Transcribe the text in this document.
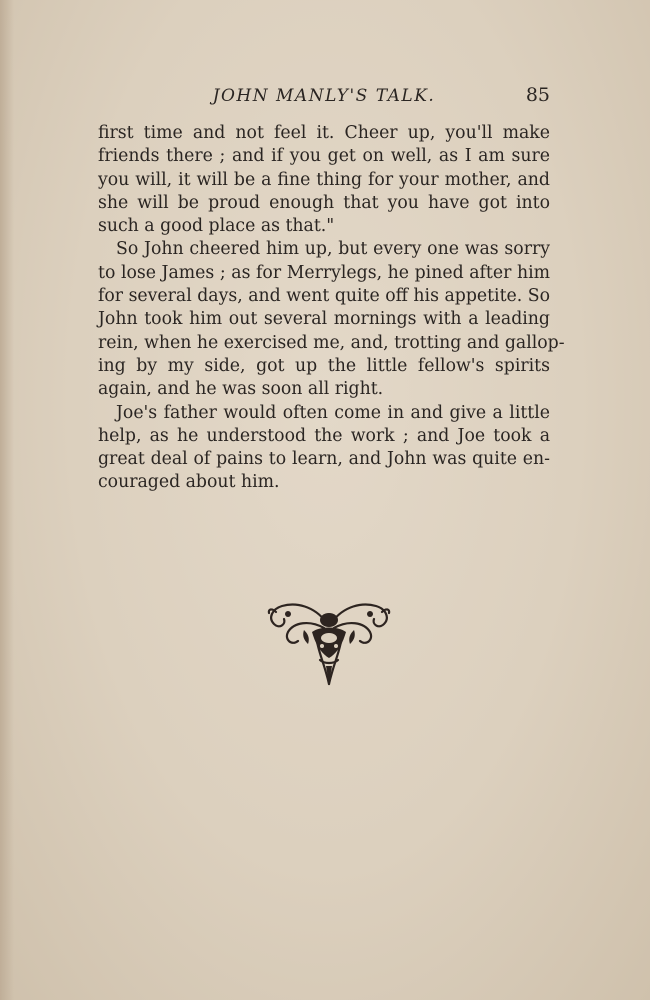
JOHN MANLY'S TALK.	85

first time and not feel it. Cheer up, you'll make
friends there ; and if you get on well, as I am sure
you will, it will be a fine thing for your mother, and
she will be proud enough that you have got into
such a good place as that."

So John cheered him up, but every one was sorry
to lose James ; as for Merrylegs, he pined after him
for several days, and went quite off his appetite. So
John took him out several mornings with a leading
rein, when he exercised me, and, trotting and gallop-
ing by my side, got up the little fellow's spirits
again, and he was soon all right.

Joe's father would often come in and give a little
help, as he understood the work ; and Joe took a
great deal of pains to learn, and John was quite en-
couraged about him.
